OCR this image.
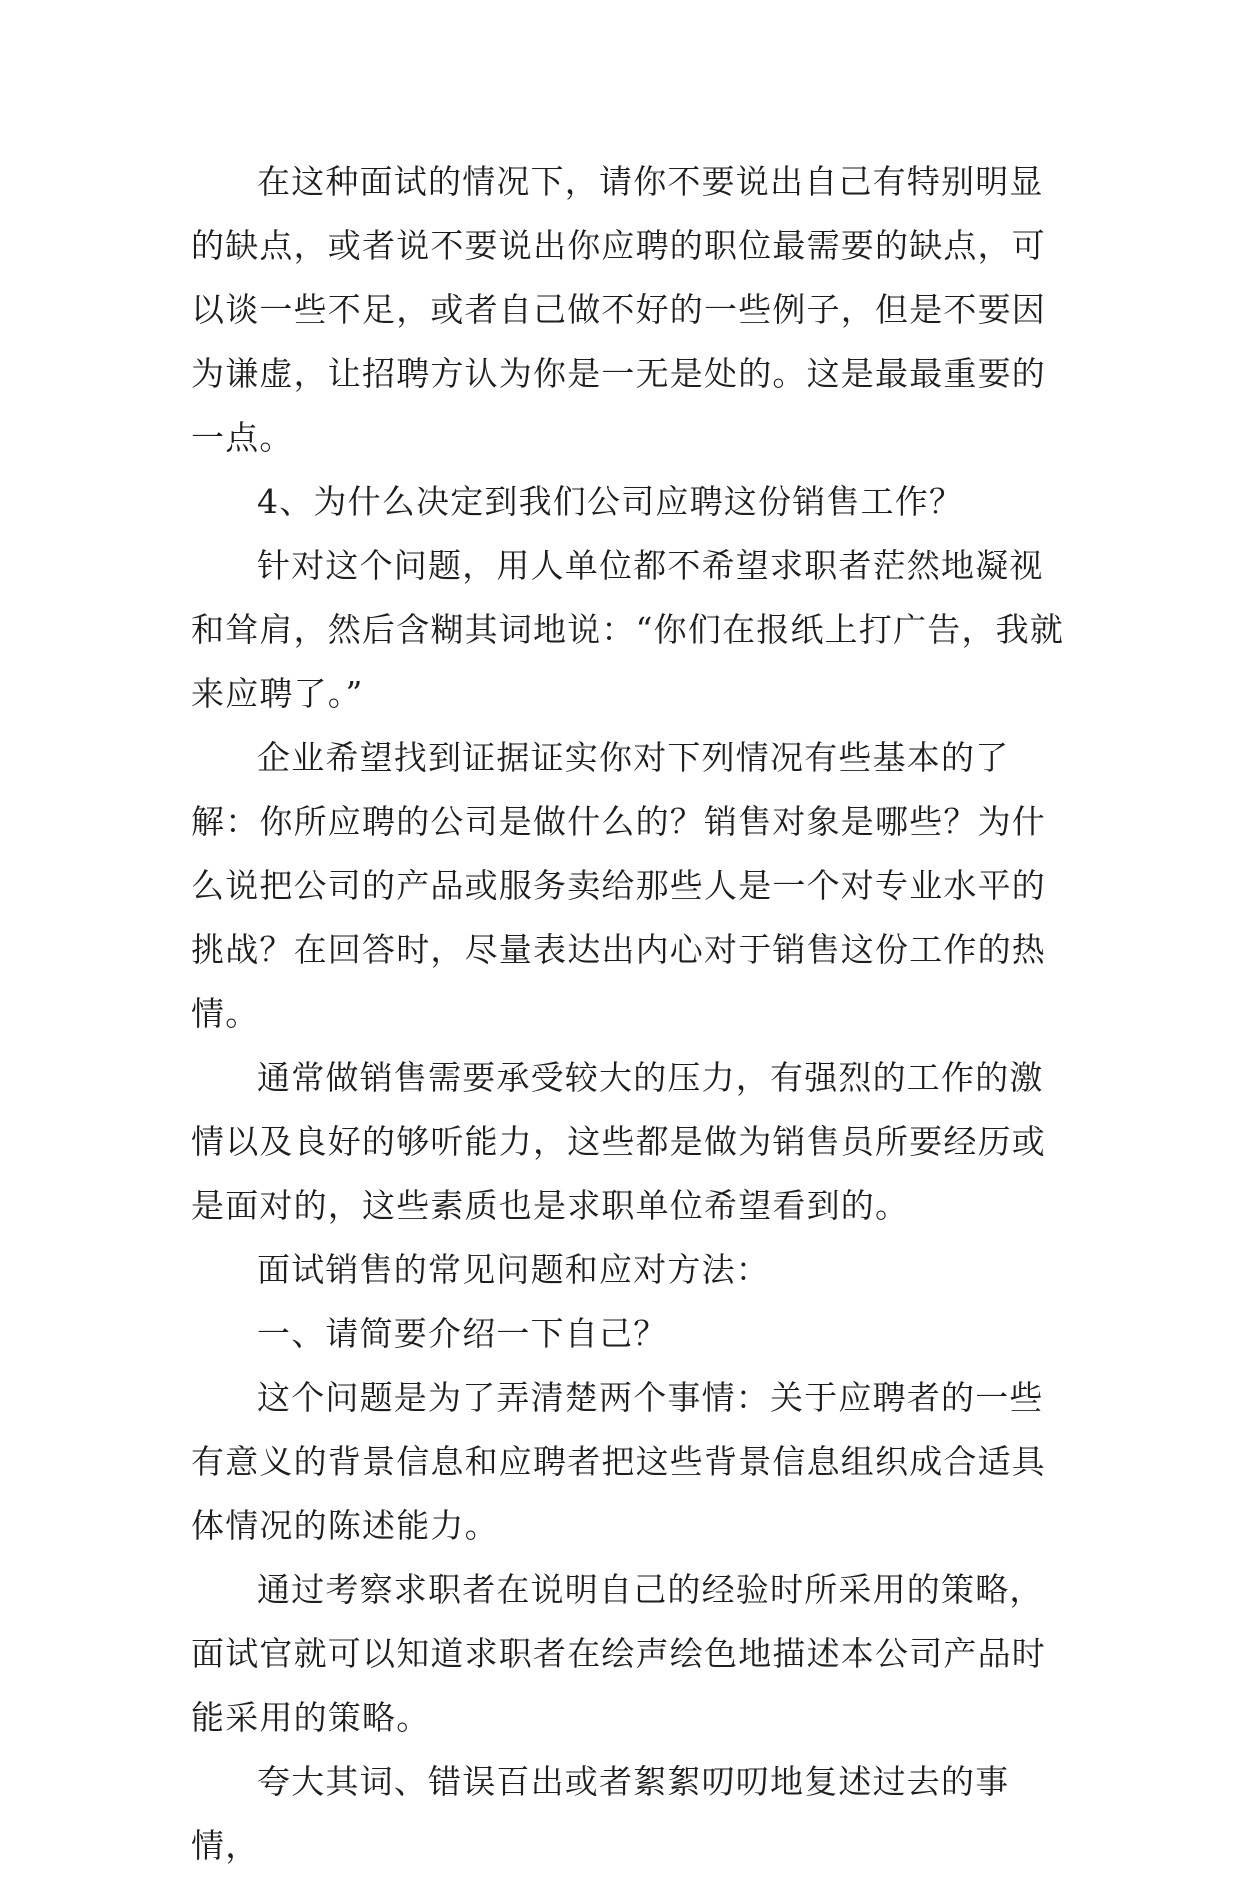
在这种面试的情况下，请你不要说出自己有特别明显的缺点，或者说不要说出你应聘的职位最需要的缺点，可以谈一些不足，或者自己做不好的一些例子，但是不要因为谦虚，让招聘方认为你是一无是处的。这是最最重要的一点。

4、为什么决定到我们公司应聘这份销售工作？

针对这个问题，用人单位都不希望求职者茫然地凝视和耸肩，然后含糊其词地说：“你们在报纸上打广告，我就来应聘了。”

企业希望找到证据证实你对下列情况有些基本的了解：你所应聘的公司是做什么的？销售对象是哪些？为什么说把公司的产品或服务卖给那些人是一个对专业水平的挑战？在回答时，尽量表达出内心对于销售这份工作的热情。

通常做销售需要承受较大的压力，有强烈的工作的激情以及良好的够听能力，这些都是做为销售员所要经历或是面对的，这些素质也是求职单位希望看到的。

面试销售的常见问题和应对方法：

一、请简要介绍一下自己？

这个问题是为了弄清楚两个事情：关于应聘者的一些有意义的背景信息和应聘者把这些背景信息组织成合适具体情况的陈述能力。

通过考察求职者在说明自己的经验时所采用的策略，面试官就可以知道求职者在绘声绘色地描述本公司产品时能采用的策略。

夸大其词、错误百出或者絮絮叨叨地复述过去的事情，
